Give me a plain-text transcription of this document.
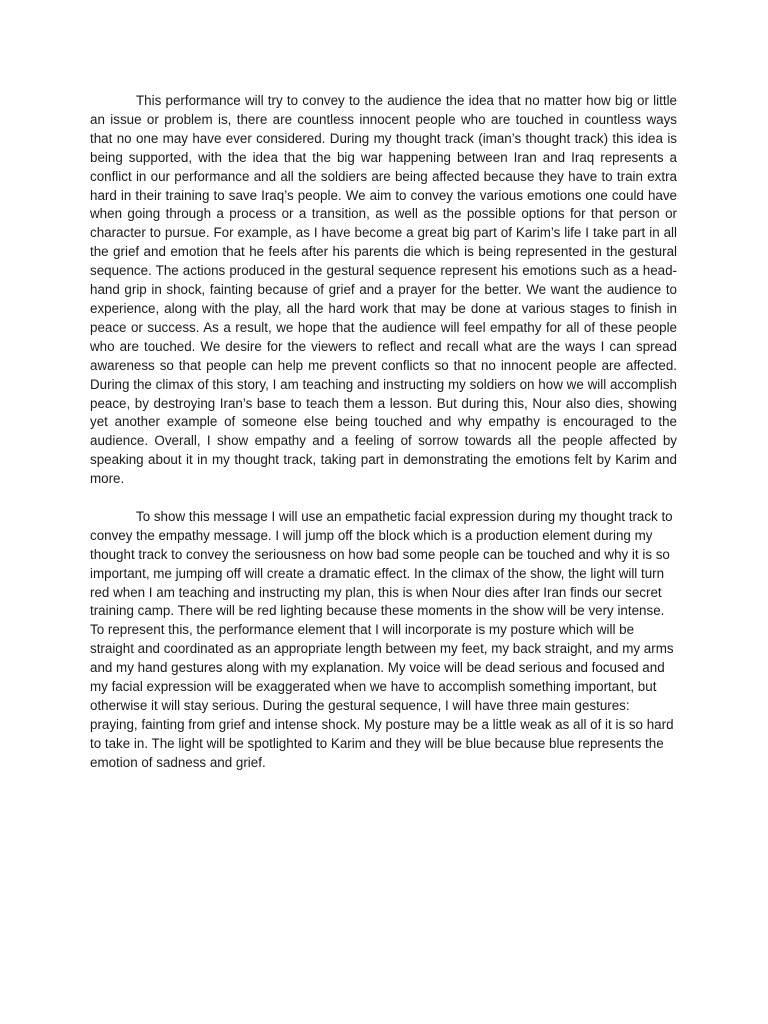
This performance will try to convey to the audience the idea that no matter how big or little an issue or problem is, there are countless innocent people who are touched in countless ways that no one may have ever considered. During my thought track (iman’s thought track) this idea is being supported, with the idea that the big war happening between Iran and Iraq represents a conflict in our performance and all the soldiers are being affected because they have to train extra hard in their training to save Iraq’s people. We aim to convey the various emotions one could have when going through a process or a transition, as well as the possible options for that person or character to pursue. For example, as I have become a great big part of Karim’s life I take part in all the grief and emotion that he feels after his parents die which is being represented in the gestural sequence. The actions produced in the gestural sequence represent his emotions such as a head-hand grip in shock, fainting because of grief and a prayer for the better. We want the audience to experience, along with the play, all the hard work that may be done at various stages to finish in peace or success. As a result, we hope that the audience will feel empathy for all of these people who are touched. We desire for the viewers to reflect and recall what are the ways I can spread awareness so that people can help me prevent conflicts so that no innocent people are affected. During the climax of this story, I am teaching and instructing my soldiers on how we will accomplish peace, by destroying Iran’s base to teach them a lesson. But during this, Nour also dies, showing yet another example of someone else being touched and why empathy is encouraged to the audience. Overall, I show empathy and a feeling of sorrow towards all the people affected by speaking about it in my thought track, taking part in demonstrating the emotions felt by Karim and more.

To show this message I will use an empathetic facial expression during my thought track to convey the empathy message. I will jump off the block which is a production element during my thought track to convey the seriousness on how bad some people can be touched and why it is so important, me jumping off will create a dramatic effect. In the climax of the show, the light will turn red when I am teaching and instructing my plan, this is when Nour dies after Iran finds our secret training camp. There will be red lighting because these moments in the show will be very intense. To represent this, the performance element that I will incorporate is my posture which will be straight and coordinated as an appropriate length between my feet, my back straight, and my arms and my hand gestures along with my explanation. My voice will be dead serious and focused and my facial expression will be exaggerated when we have to accomplish something important, but otherwise it will stay serious. During the gestural sequence, I will have three main gestures: praying, fainting from grief and intense shock. My posture may be a little weak as all of it is so hard to take in. The light will be spotlighted to Karim and they will be blue because blue represents the emotion of sadness and grief.
